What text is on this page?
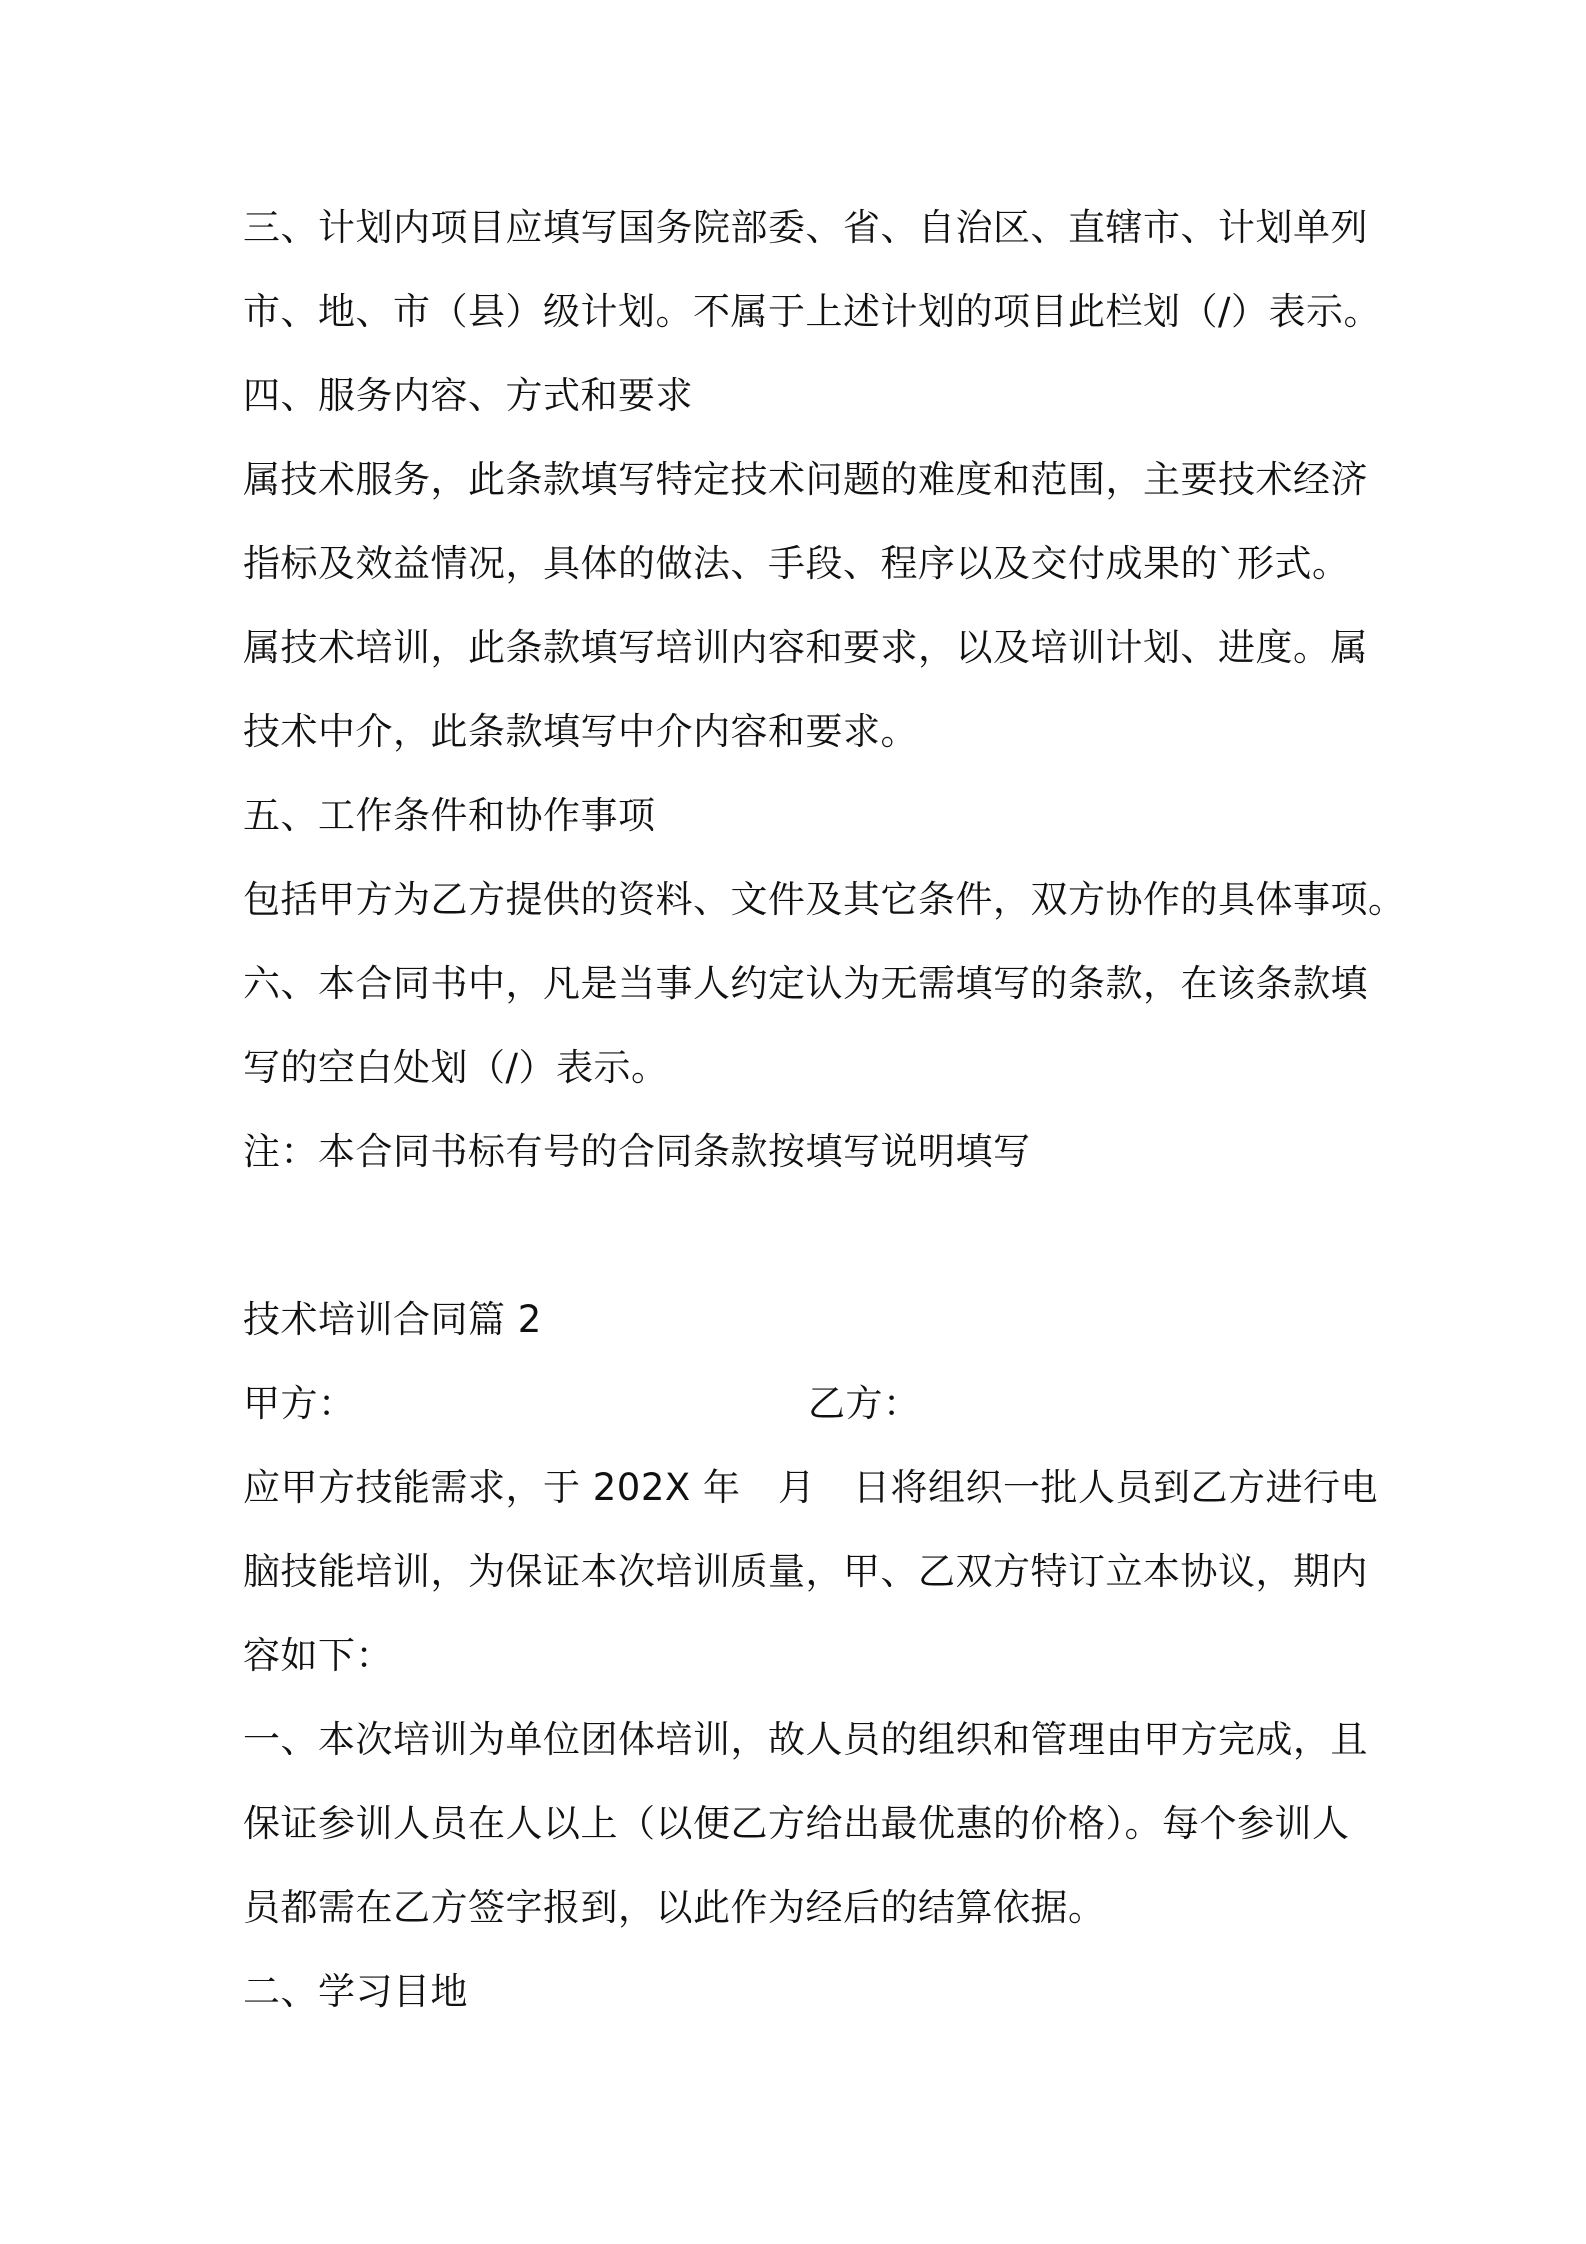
三、计划内项目应填写国务院部委、省、自治区、直辖市、计划单列
市、地、市（县）级计划。不属于上述计划的项目此栏划（/）表示。
四、服务内容、方式和要求
属技术服务，此条款填写特定技术问题的难度和范围，主要技术经济
指标及效益情况，具体的做法、手段、程序以及交付成果的`形式。
属技术培训，此条款填写培训内容和要求，以及培训计划、进度。属
技术中介，此条款填写中介内容和要求。
五、工作条件和协作事项
包括甲方为乙方提供的资料、文件及其它条件，双方协作的具体事项。
六、本合同书中，凡是当事人约定认为无需填写的条款，在该条款填
写的空白处划（/）表示。
注：本合同书标有号的合同条款按填写说明填写
技术培训合同篇 2
甲方：	乙方：
应甲方技能需求，于 202X 年　月　日将组织一批人员到乙方进行电
脑技能培训，为保证本次培训质量，甲、乙双方特订立本协议，期内
容如下：
一、本次培训为单位团体培训，故人员的组织和管理由甲方完成，且
保证参训人员在人以上（以便乙方给出最优惠的价格）。每个参训人
员都需在乙方签字报到，以此作为经后的结算依据。
二、学习目地
